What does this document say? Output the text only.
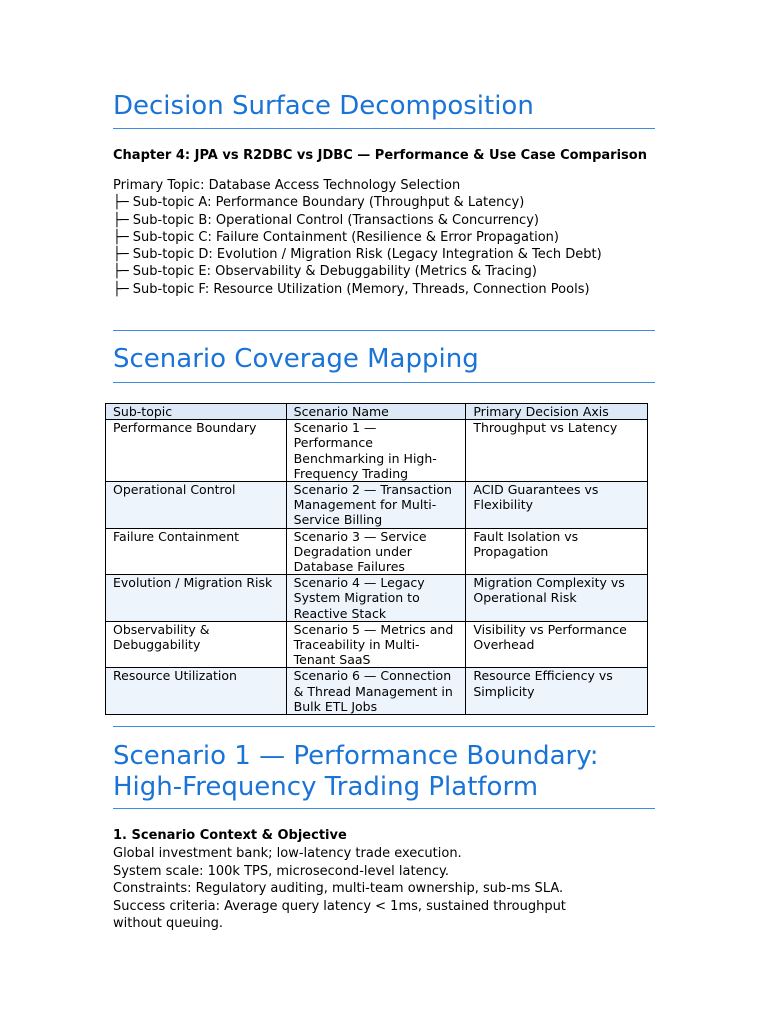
Decision Surface Decomposition
Chapter 4: JPA vs R2DBC vs JDBC — Performance & Use Case Comparison
Primary Topic: Database Access Technology Selection
├─ Sub-topic A: Performance Boundary (Throughput & Latency)
├─ Sub-topic B: Operational Control (Transactions & Concurrency)
├─ Sub-topic C: Failure Containment (Resilience & Error Propagation)
├─ Sub-topic D: Evolution / Migration Risk (Legacy Integration & Tech Debt)
├─ Sub-topic E: Observability & Debuggability (Metrics & Tracing)
├─ Sub-topic F: Resource Utilization (Memory, Threads, Connection Pools)
Scenario Coverage Mapping
Scenario 1 — Performance Boundary: High-Frequency Trading Platform
1. Scenario Context & Objective
Global investment bank; low-latency trade execution.
System scale: 100k TPS, microsecond-level latency.
Constraints: Regulatory auditing, multi-team ownership, sub-ms SLA.
Success criteria: Average query latency < 1ms, sustained throughput without queuing.
Sub-topic	Scenario Name	Primary Decision Axis
Performance Boundary	Scenario 1 — Performance Benchmarking in High-Frequency Trading	Throughput vs Latency
Operational Control	Scenario 2 — Transaction Management for Multi-Service Billing	ACID Guarantees vs Flexibility
Failure Containment	Scenario 3 — Service Degradation under Database Failures	Fault Isolation vs Propagation
Evolution / Migration Risk	Scenario 4 — Legacy System Migration to Reactive Stack	Migration Complexity vs Operational Risk
Observability & Debuggability	Scenario 5 — Metrics and Traceability in Multi-Tenant SaaS	Visibility vs Performance Overhead
Resource Utilization	Scenario 6 — Connection & Thread Management in Bulk ETL Jobs	Resource Efficiency vs Simplicity
